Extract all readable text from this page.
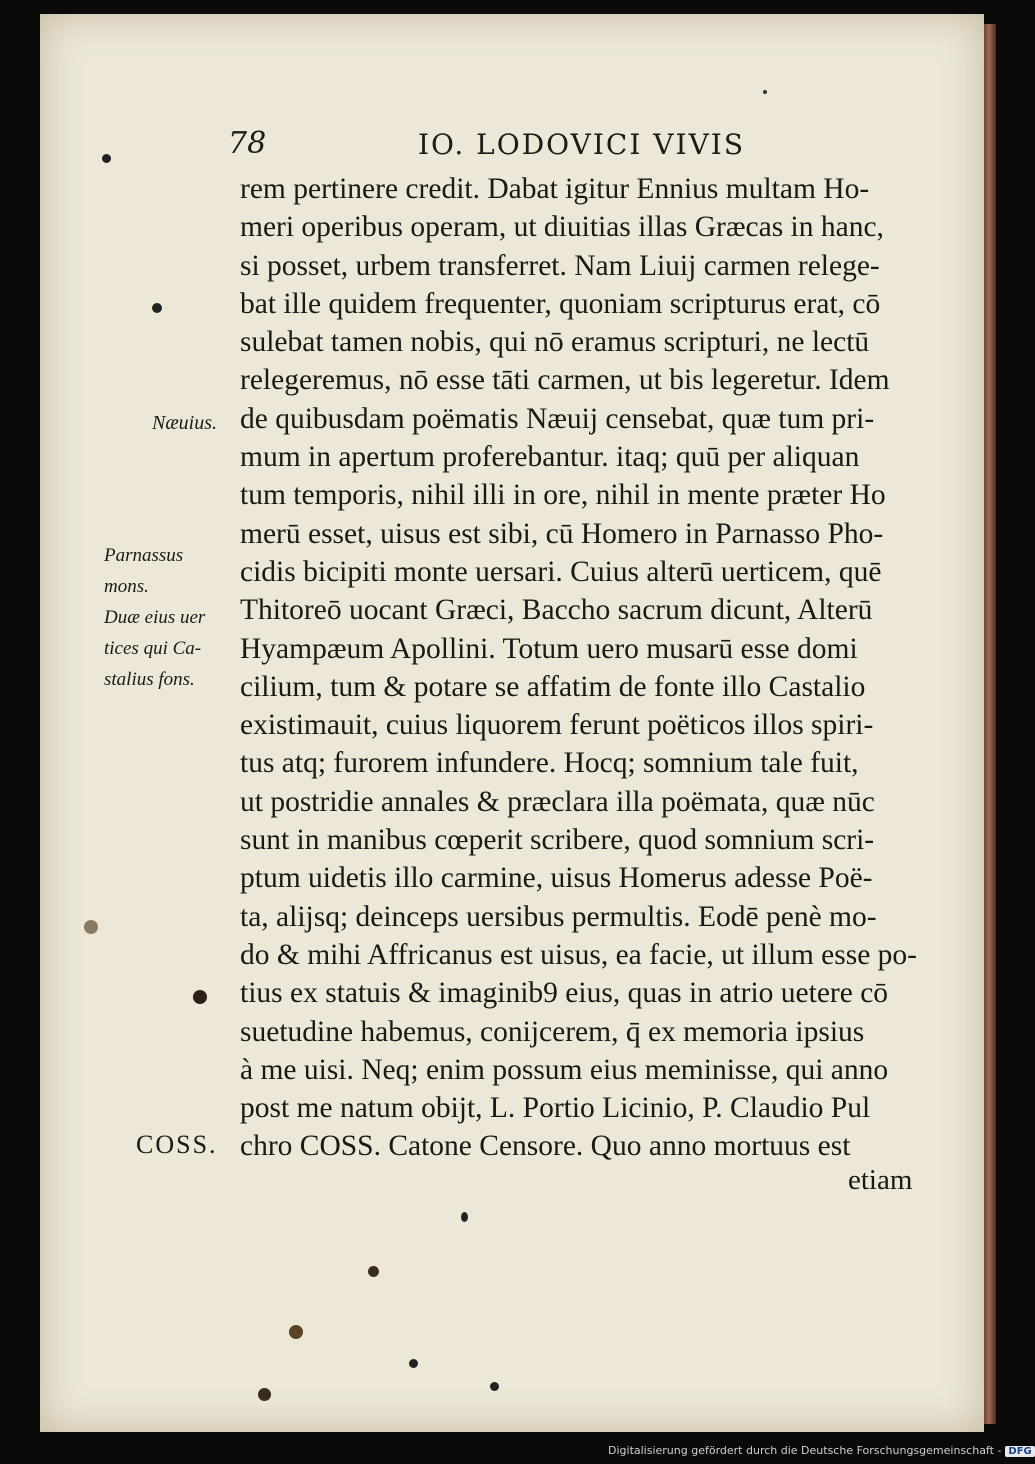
78	IO. LODOVICI VIVIS
rem pertinere credit. Dabat igitur Ennius multam Ho-
meri operibus operam, ut diuitias illas Græcas in hanc,
si posset, urbem transferret. Nam Liuij carmen relege-
bat ille quidem frequenter, quoniam scripturus erat, cō
sulebat tamen nobis, qui nō eramus scripturi, ne lectū
relegeremus, nō esse tāti carmen, ut bis legeretur. Idem
de quibusdam poëmatis Næuij censebat, quæ tum pri-
mum in apertum proferebantur. itaq; quū per aliquan
tum temporis, nihil illi in ore, nihil in mente præter Ho
merū esset, uisus est sibi, cū Homero in Parnasso Pho-
cidis bicipiti monte uersari. Cuius alterū uerticem, quē
Thitoreō uocant Græci, Baccho sacrum dicunt, Alterū
Hyampæum Apollini. Totum uero musarū esse domi
cilium, tum & potare se affatim de fonte illo Castalio
existimauit, cuius liquorem ferunt poëticos illos spiri-
tus atq; furorem infundere. Hocq; somnium tale fuit,
ut postridie annales & præclara illa poëmata, quæ nūc
sunt in manibus cœperit scribere, quod somnium scri-
ptum uidetis illo carmine, uisus Homerus adesse Poë-
ta, alijsq; deinceps uersibus permultis. Eodē penè mo-
do & mihi Affricanus est uisus, ea facie, ut illum esse po-
tius ex statuis & imaginib9 eius, quas in atrio uetere cō
suetudine habemus, conijcerem, q̄ ex memoria ipsius
à me uisi. Neq; enim possum eius meminisse, qui anno
post me natum obijt, L. Portio Licinio, P. Claudio Pul
chro COSS. Catone Censore. Quo anno mortuus est
etiam
Næuius.
Parnassus
mons.
Duæ eius uer
tices qui Ca-
stalius fons.
COSS.
Digitalisierung gefördert durch die Deutsche Forschungsgemeinschaft - DFG
